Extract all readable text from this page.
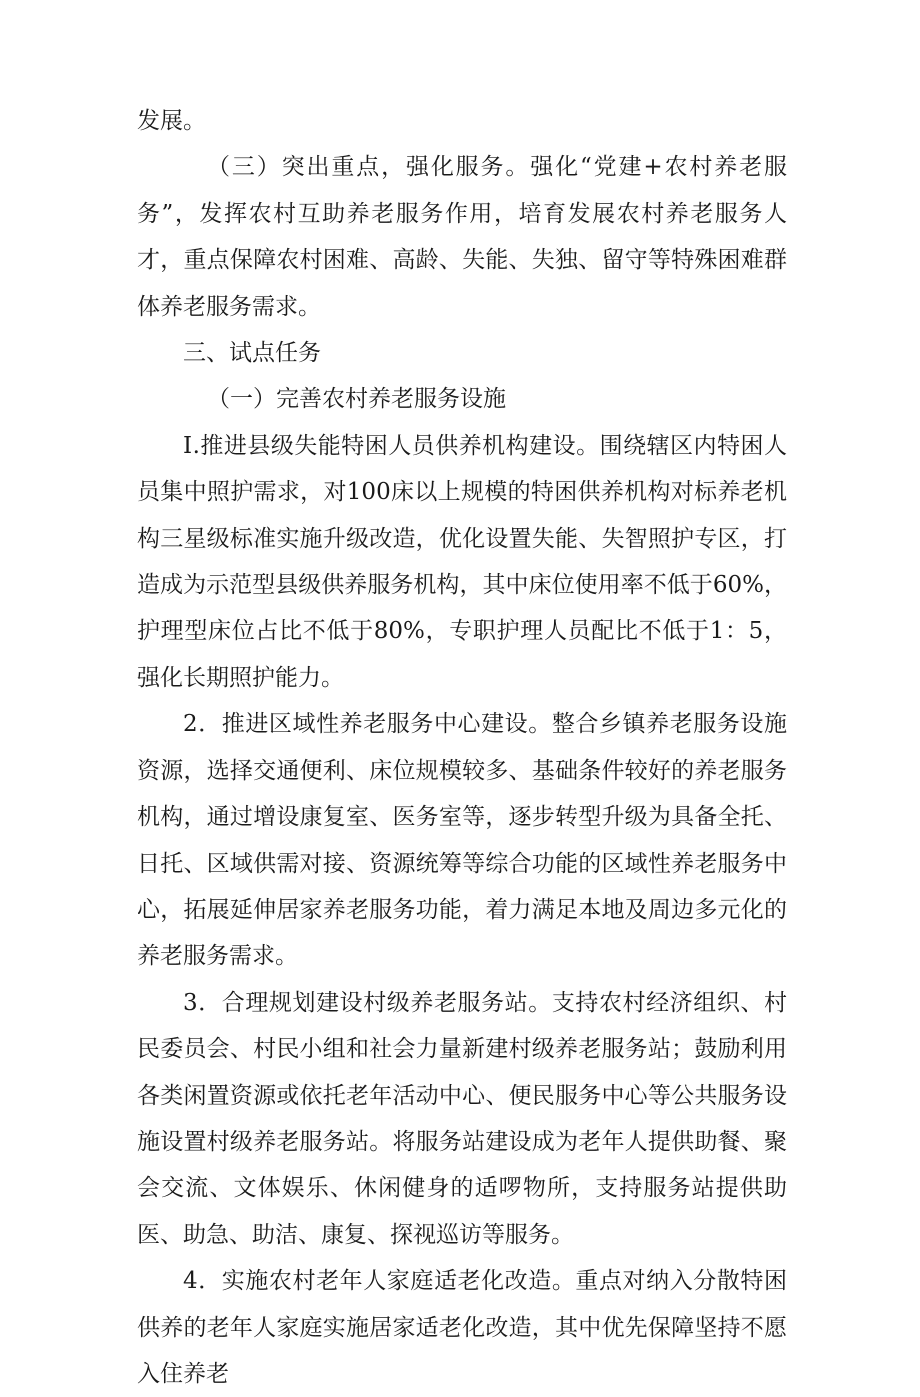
发展。

（三）突出重点，强化服务。强化“党建+农村养老服务”，发挥农村互助养老服务作用，培育发展农村养老服务人才，重点保障农村困难、高龄、失能、失独、留守等特殊困难群体养老服务需求。

三、试点任务

（一）完善农村养老服务设施

Ⅰ.推进县级失能特困人员供养机构建设。围绕辖区内特困人员集中照护需求，对100床以上规模的特困供养机构对标养老机构三星级标准实施升级改造，优化设置失能、失智照护专区，打造成为示范型县级供养服务机构，其中床位使用率不低于60%，护理型床位占比不低于80%，专职护理人员配比不低于1：5，强化长期照护能力。

2．推进区域性养老服务中心建设。整合乡镇养老服务设施资源，选择交通便利、床位规模较多、基础条件较好的养老服务机构，通过增设康复室、医务室等，逐步转型升级为具备全托、日托、区域供需对接、资源统筹等综合功能的区域性养老服务中心，拓展延伸居家养老服务功能，着力满足本地及周边多元化的养老服务需求。

3．合理规划建设村级养老服务站。支持农村经济组织、村民委员会、村民小组和社会力量新建村级养老服务站；鼓励利用各类闲置资源或依托老年活动中心、便民服务中心等公共服务设施设置村级养老服务站。将服务站建设成为老年人提供助餐、聚会交流、文体娱乐、休闲健身的适啰物所，支持服务站提供助医、助急、助洁、康复、探视巡访等服务。

4．实施农村老年人家庭适老化改造。重点对纳入分散特困供养的老年人家庭实施居家适老化改造，其中优先保障坚持不愿入住养老
